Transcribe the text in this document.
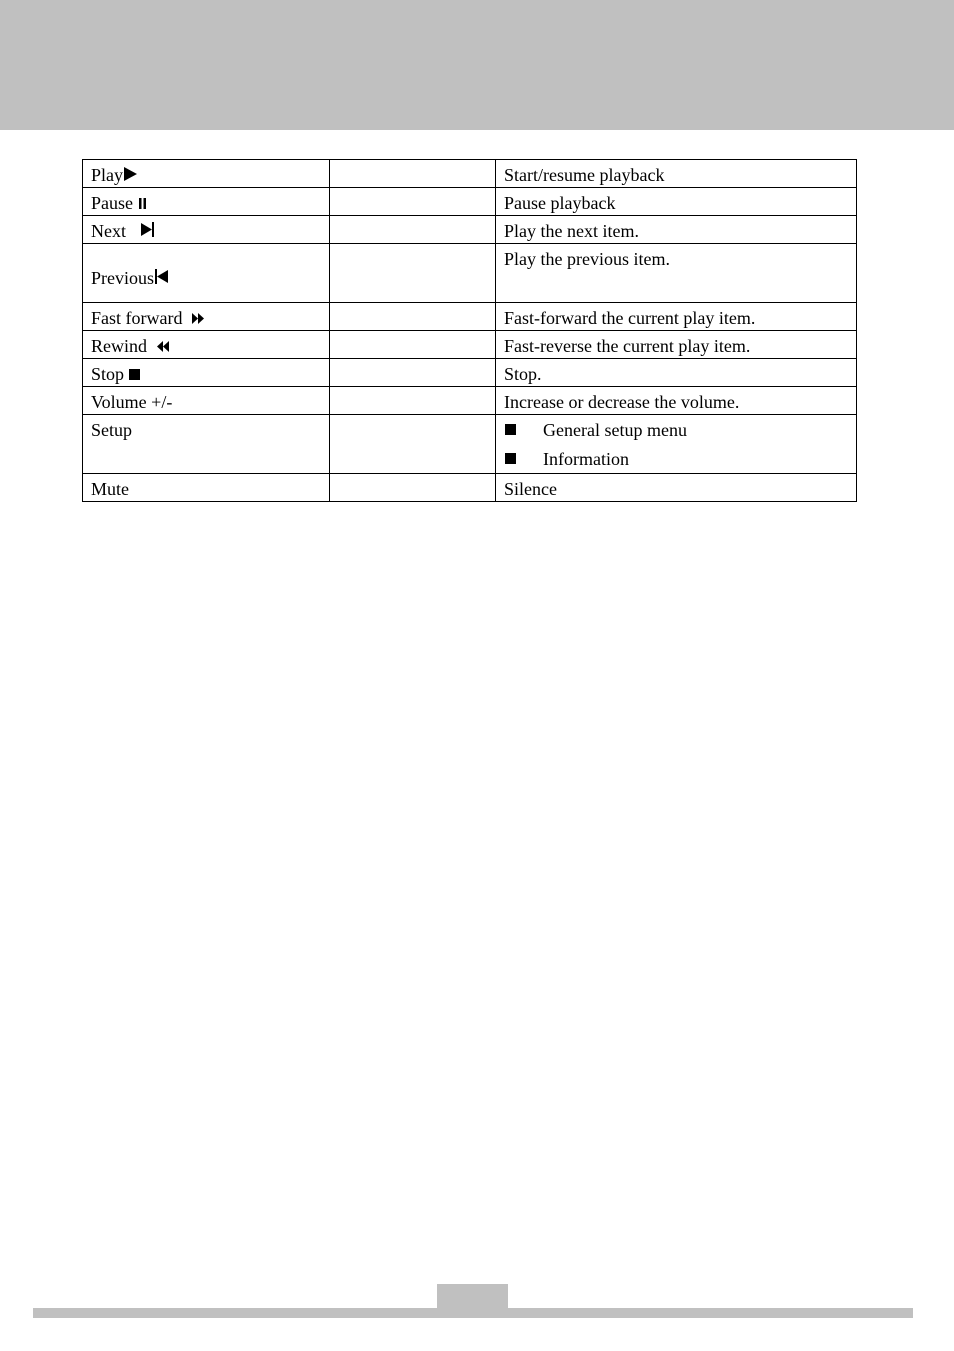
Play		Start/resume playback
Pause		Pause playback
Next		Play the next item.
Previous		Play the previous item.
Fast forward		Fast-forward the current play item.
Rewind		Fast-reverse the current play item.
Stop		Stop.
Volume +/-		Increase or decrease the volume.
Setup		General setup menu
Information

Mute		Silence
